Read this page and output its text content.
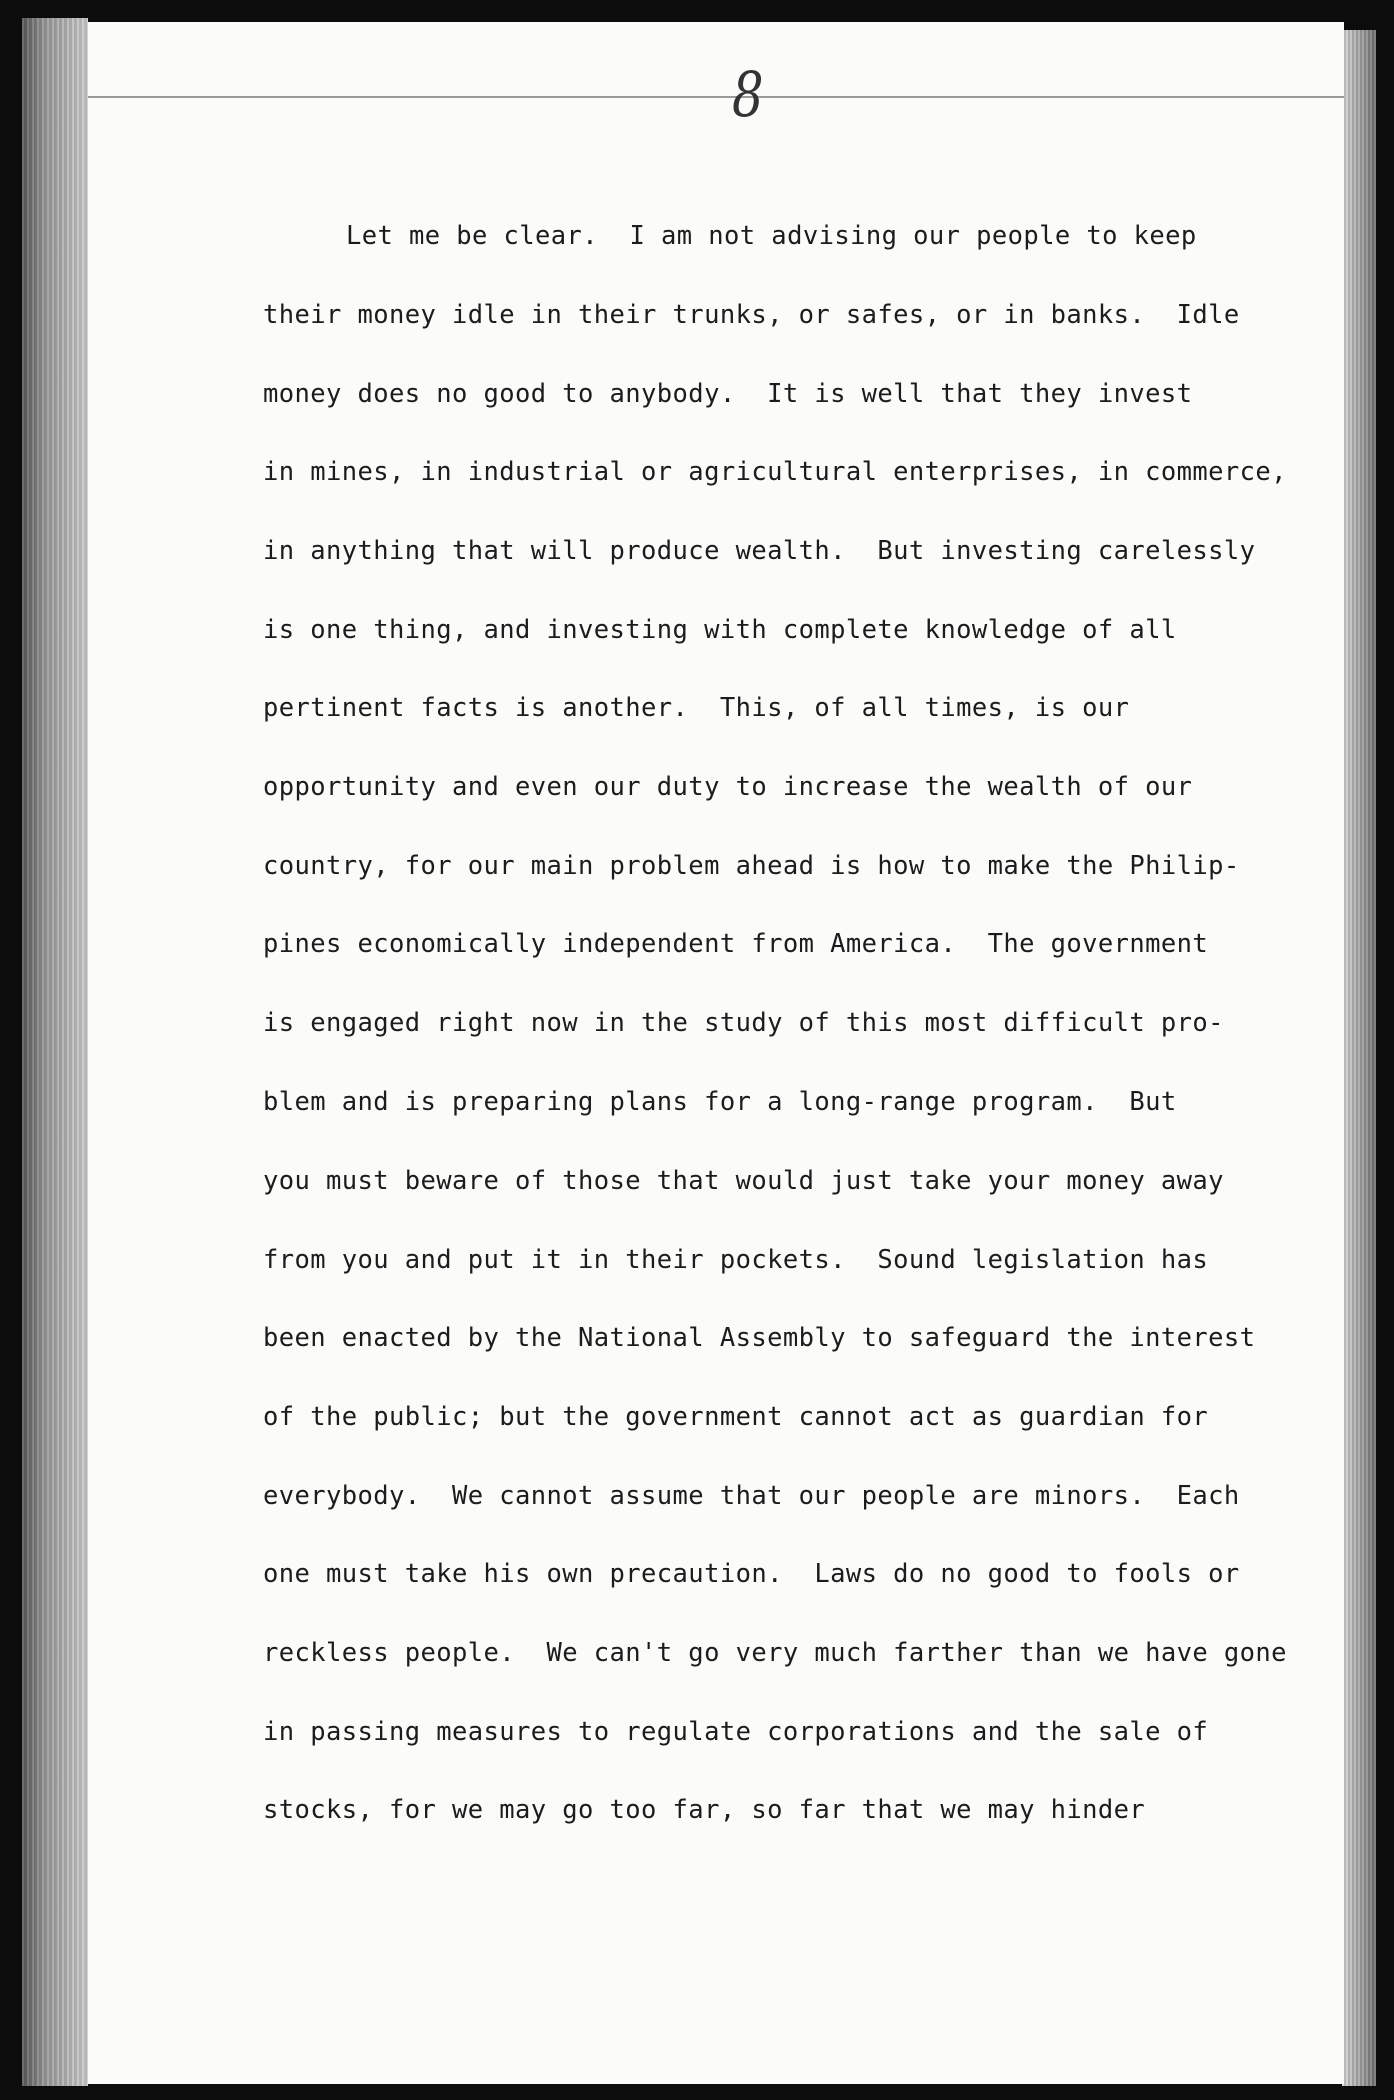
8

Let me be clear.  I am not advising our people to keep

their money idle in their trunks, or safes, or in banks.  Idle

money does no good to anybody.  It is well that they invest

in mines, in industrial or agricultural enterprises, in commerce,

in anything that will produce wealth.  But investing carelessly

is one thing, and investing with complete knowledge of all

pertinent facts is another.  This, of all times, is our

opportunity and even our duty to increase the wealth of our

country, for our main problem ahead is how to make the Philip-

pines economically independent from America.  The government

is engaged right now in the study of this most difficult pro-

blem and is preparing plans for a long-range program.  But

you must beware of those that would just take your money away

from you and put it in their pockets.  Sound legislation has

been enacted by the National Assembly to safeguard the interest

of the public; but the government cannot act as guardian for

everybody.  We cannot assume that our people are minors.  Each

one must take his own precaution.  Laws do no good to fools or

reckless people.  We can't go very much farther than we have gone

in passing measures to regulate corporations and the sale of

stocks, for we may go too far, so far that we may hinder
